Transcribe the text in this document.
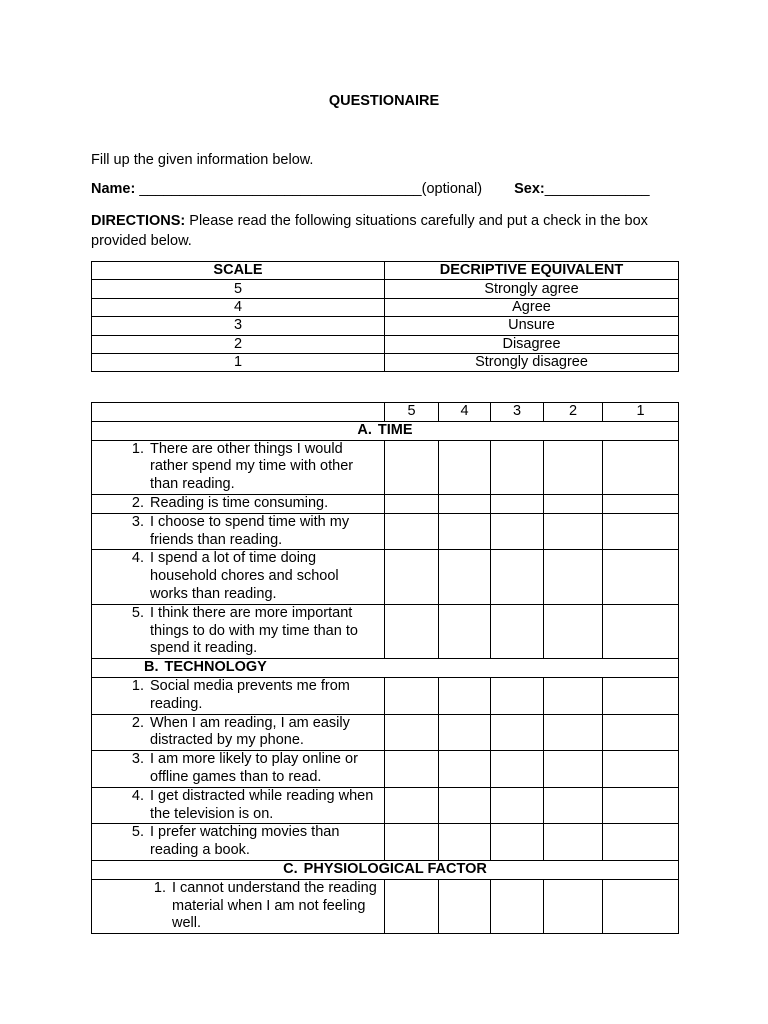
QUESTIONAIRE
Fill up the given information below.
Name: ___________________________________(optional) Sex:_____________
DIRECTIONS: Please read the following situations carefully and put a check in the box provided below.
SCALE	DECRIPTIVE EQUIVALENT
5	Strongly agree
4	Agree
3	Unsure
2	Disagree
1	Strongly disagree
	5	4	3	2	1
A. TIME					

1. There are other things I would rather spend my time with other than reading.					

2. Reading is time consuming.					

3. I choose to spend time with my friends than reading.					

4. I spend a lot of time doing household chores and school works than reading.					

5. I think there are more important things to do with my time than to spend it reading.					

B. TECHNOLOGY					

1. Social media prevents me from reading.					

2. When I am reading, I am easily distracted by my phone.					

3. I am more likely to play online or offline games than to read.					

4. I get distracted while reading when the television is on.					

5. I prefer watching movies than reading a book.					

C. PHYSIOLOGICAL FACTOR					

1. I cannot understand the reading material when I am not feeling well.					
